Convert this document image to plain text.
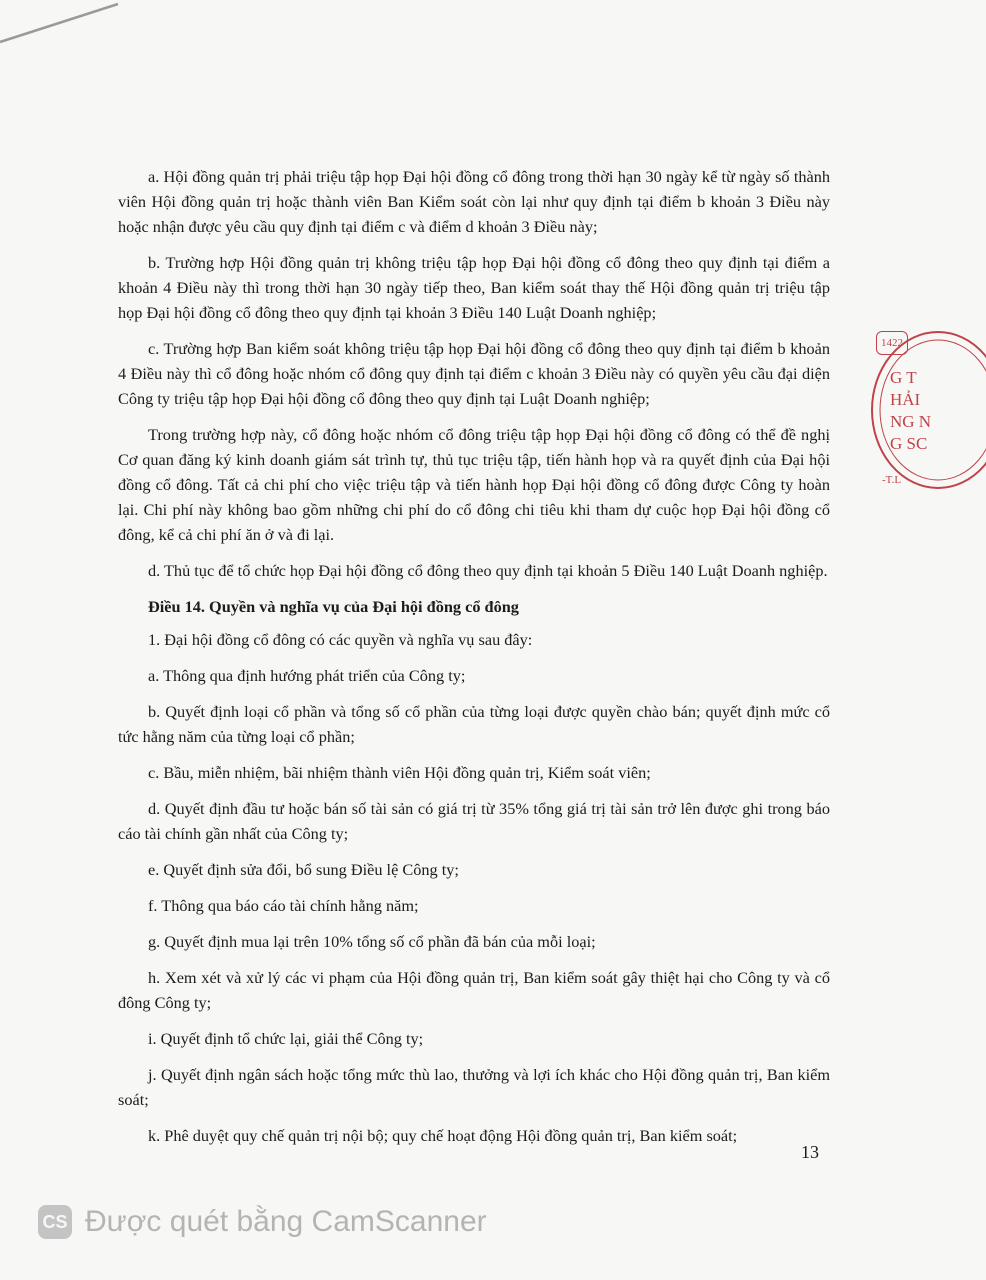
a. Hội đồng quản trị phải triệu tập họp Đại hội đồng cổ đông trong thời hạn 30 ngày kể từ ngày số thành viên Hội đồng quản trị hoặc thành viên Ban Kiểm soát còn lại như quy định tại điểm b khoản 3 Điều này hoặc nhận được yêu cầu quy định tại điểm c và điểm d khoản 3 Điều này;

b. Trường hợp Hội đồng quản trị không triệu tập họp Đại hội đồng cổ đông theo quy định tại điểm a khoản 4 Điều này thì trong thời hạn 30 ngày tiếp theo, Ban kiểm soát thay thế Hội đồng quản trị triệu tập họp Đại hội đồng cổ đông theo quy định tại khoản 3 Điều 140 Luật Doanh nghiệp;

c. Trường hợp Ban kiểm soát không triệu tập họp Đại hội đồng cổ đông theo quy định tại điểm b khoản 4 Điều này thì cổ đông hoặc nhóm cổ đông quy định tại điểm c khoản 3 Điều này có quyền yêu cầu đại diện Công ty triệu tập họp Đại hội đồng cổ đông theo quy định tại Luật Doanh nghiệp;

Trong trường hợp này, cổ đông hoặc nhóm cổ đông triệu tập họp Đại hội đồng cổ đông có thể đề nghị Cơ quan đăng ký kinh doanh giám sát trình tự, thủ tục triệu tập, tiến hành họp và ra quyết định của Đại hội đồng cổ đông. Tất cả chi phí cho việc triệu tập và tiến hành họp Đại hội đồng cổ đông được Công ty hoàn lại. Chi phí này không bao gồm những chi phí do cổ đông chi tiêu khi tham dự cuộc họp Đại hội đồng cổ đông, kể cả chi phí ăn ở và đi lại.

d. Thủ tục để tổ chức họp Đại hội đồng cổ đông theo quy định tại khoản 5 Điều 140 Luật Doanh nghiệp.

Điều 14. Quyền và nghĩa vụ của Đại hội đồng cổ đông

1. Đại hội đồng cổ đông có các quyền và nghĩa vụ sau đây:

a. Thông qua định hướng phát triển của Công ty;

b. Quyết định loại cổ phần và tổng số cổ phần của từng loại được quyền chào bán; quyết định mức cổ tức hằng năm của từng loại cổ phần;

c. Bầu, miễn nhiệm, bãi nhiệm thành viên Hội đồng quản trị, Kiểm soát viên;

d. Quyết định đầu tư hoặc bán số tài sản có giá trị từ 35% tổng giá trị tài sản trở lên được ghi trong báo cáo tài chính gần nhất của Công ty;

e. Quyết định sửa đổi, bổ sung Điều lệ Công ty;

f. Thông qua báo cáo tài chính hằng năm;

g. Quyết định mua lại trên 10% tổng số cổ phần đã bán của mỗi loại;

h. Xem xét và xử lý các vi phạm của Hội đồng quản trị, Ban kiểm soát gây thiệt hại cho Công ty và cổ đông Công ty;

i. Quyết định tổ chức lại, giải thể Công ty;

j. Quyết định ngân sách hoặc tổng mức thù lao, thưởng và lợi ích khác cho Hội đồng quản trị, Ban kiểm soát;

k. Phê duyệt quy chế quản trị nội bộ; quy chế hoạt động Hội đồng quản trị, Ban kiểm soát;

1422
G T
HẢI
NG N
G SC
-T.L
13
CS Được quét bằng CamScanner
